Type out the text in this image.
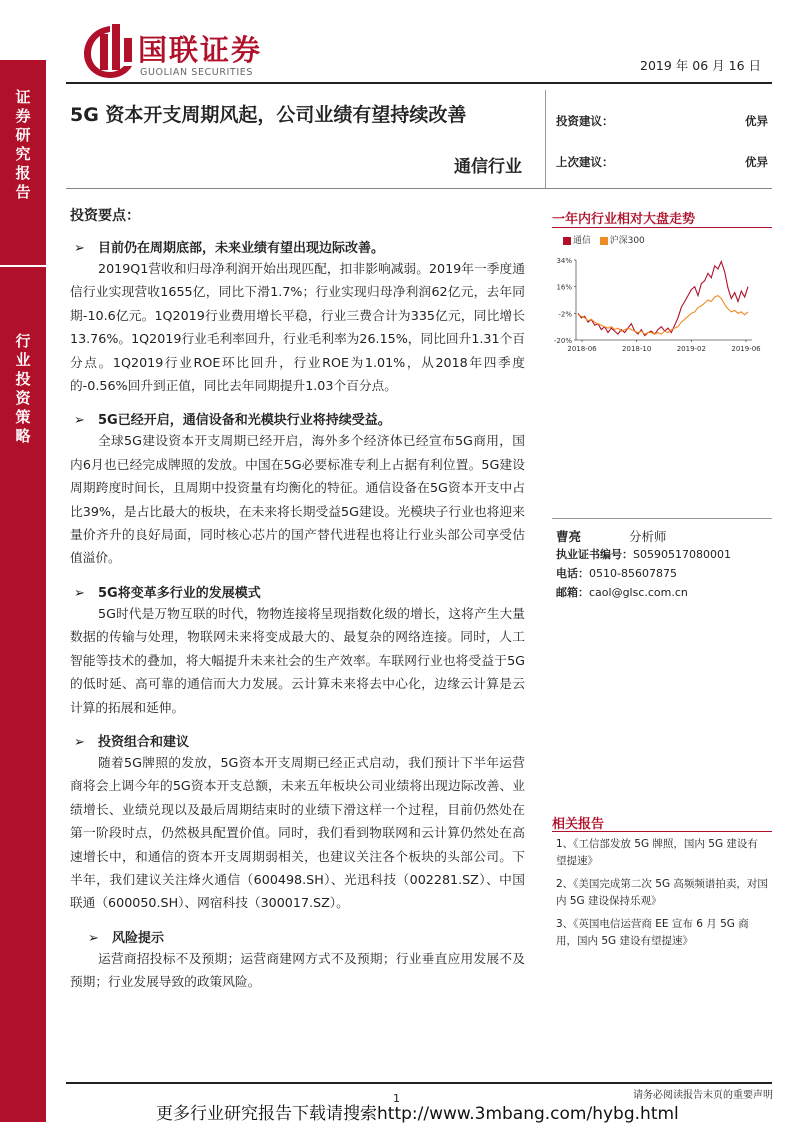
证
券
研
究
报
告
行
业
投
资
策
略
国联证券
GUOLIAN SECURITIES	2019 年 06 月 16 日
5G 资本开支周期风起，公司业绩有望持续改善
通信行业
投资建议：	优异
上次建议：	优异
一年内行业相对大盘走势
通信 沪深300
34%
16%
-2%
-20%
2018-06	2018-10	2019-02	2019-06
投资要点：
➢ 目前仍在周期底部，未来业绩有望出现边际改善。
2019Q1营收和归母净利润开始出现匹配，扣非影响减弱。2019年一季度通信行业实现营收1655亿，同比下滑1.7%；行业实现归母净利润62亿元，去年同期-10.6亿元。1Q2019行业费用增长平稳，行业三费合计为335亿元，同比增长13.76%。1Q2019行业毛利率回升，行业毛利率为26.15%，同比回升1.31个百分点。1Q2019行业ROE环比回升，行业ROE为1.01%，从2018年四季度的-0.56%回升到正值，同比去年同期提升1.03个百分点。
➢ 5G已经开启，通信设备和光模块行业将持续受益。
全球5G建设资本开支周期已经开启，海外多个经济体已经宣布5G商用，国内6月也已经完成牌照的发放。中国在5G必要标准专利上占据有利位置。5G建设周期跨度时间长，且周期中投资量有均衡化的特征。通信设备在5G资本开支中占比39%，是占比最大的板块，在未来将长期受益5G建设。光模块子行业也将迎来量价齐升的良好局面，同时核心芯片的国产替代进程也将让行业头部公司享受估值溢价。
➢ 5G将变革多行业的发展模式
5G时代是万物互联的时代，物物连接将呈现指数化级的增长，这将产生大量数据的传输与处理，物联网未来将变成最大的、最复杂的网络连接。同时，人工智能等技术的叠加，将大幅提升未来社会的生产效率。车联网行业也将受益于5G的低时延、高可靠的通信而大力发展。云计算未来将去中心化，边缘云计算是云计算的拓展和延伸。
➢ 投资组合和建议
随着5G牌照的发放，5G资本开支周期已经正式启动，我们预计下半年运营商将会上调今年的5G资本开支总额，未来五年板块公司业绩将出现边际改善、业绩增长、业绩兑现以及最后周期结束时的业绩下滑这样一个过程，目前仍然处在第一阶段时点，仍然极具配置价值。同时，我们看到物联网和云计算仍然处在高速增长中，和通信的资本开支周期弱相关，也建议关注各个板块的头部公司。下半年，我们建议关注烽火通信（600498.SH）、光迅科技（002281.SZ）、中国联通（600050.SH）、网宿科技（300017.SZ）。
➢ 风险提示
运营商招投标不及预期；运营商建网方式不及预期；行业垂直应用发展不及预期；行业发展导致的政策风险。
曹亮	分析师
执业证书编号：S0590517080001
电话：0510-85607875
邮箱：caol@glsc.com.cn
相关报告
1、《工信部发放 5G 牌照，国内 5G 建设有望提速》
2、《美国完成第二次 5G 高频频谱拍卖，对国内 5G 建设保持乐观》
3、《英国电信运营商 EE 宣布 6 月 5G 商用，国内 5G 建设有望提速》
1	请务必阅读报告末页的重要声明
更多行业研究报告下载请搜索http://www.3mbang.com/hybg.html
